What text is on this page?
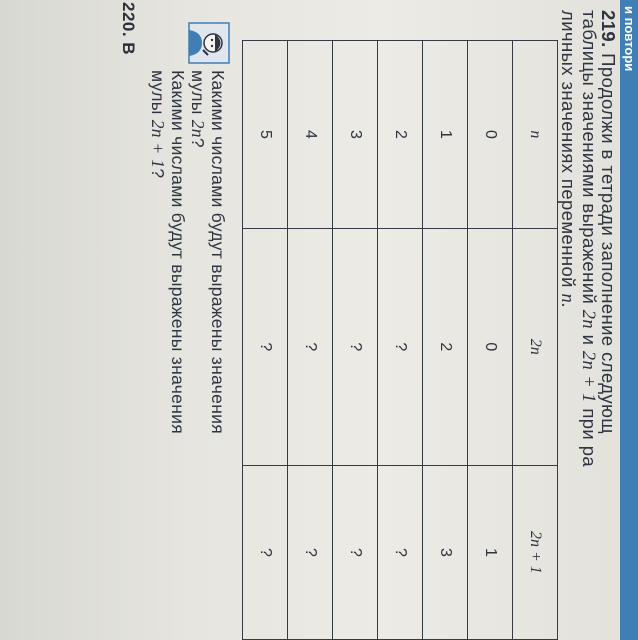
и повтори
219. Продолжи в тетради заполнение следующ
таблицы значениями выражений 2n и 2n + 1 при ра
личных значениях переменной n.
n	2n	2n + 1
0	0	1
1	2	3
2	?	?
3	?	?
4	?	?
5	?	?
Какими числами будут выражены значения
мулы 2n?
Какими числами будут выражены значения
мулы 2n + 1?
220. В
